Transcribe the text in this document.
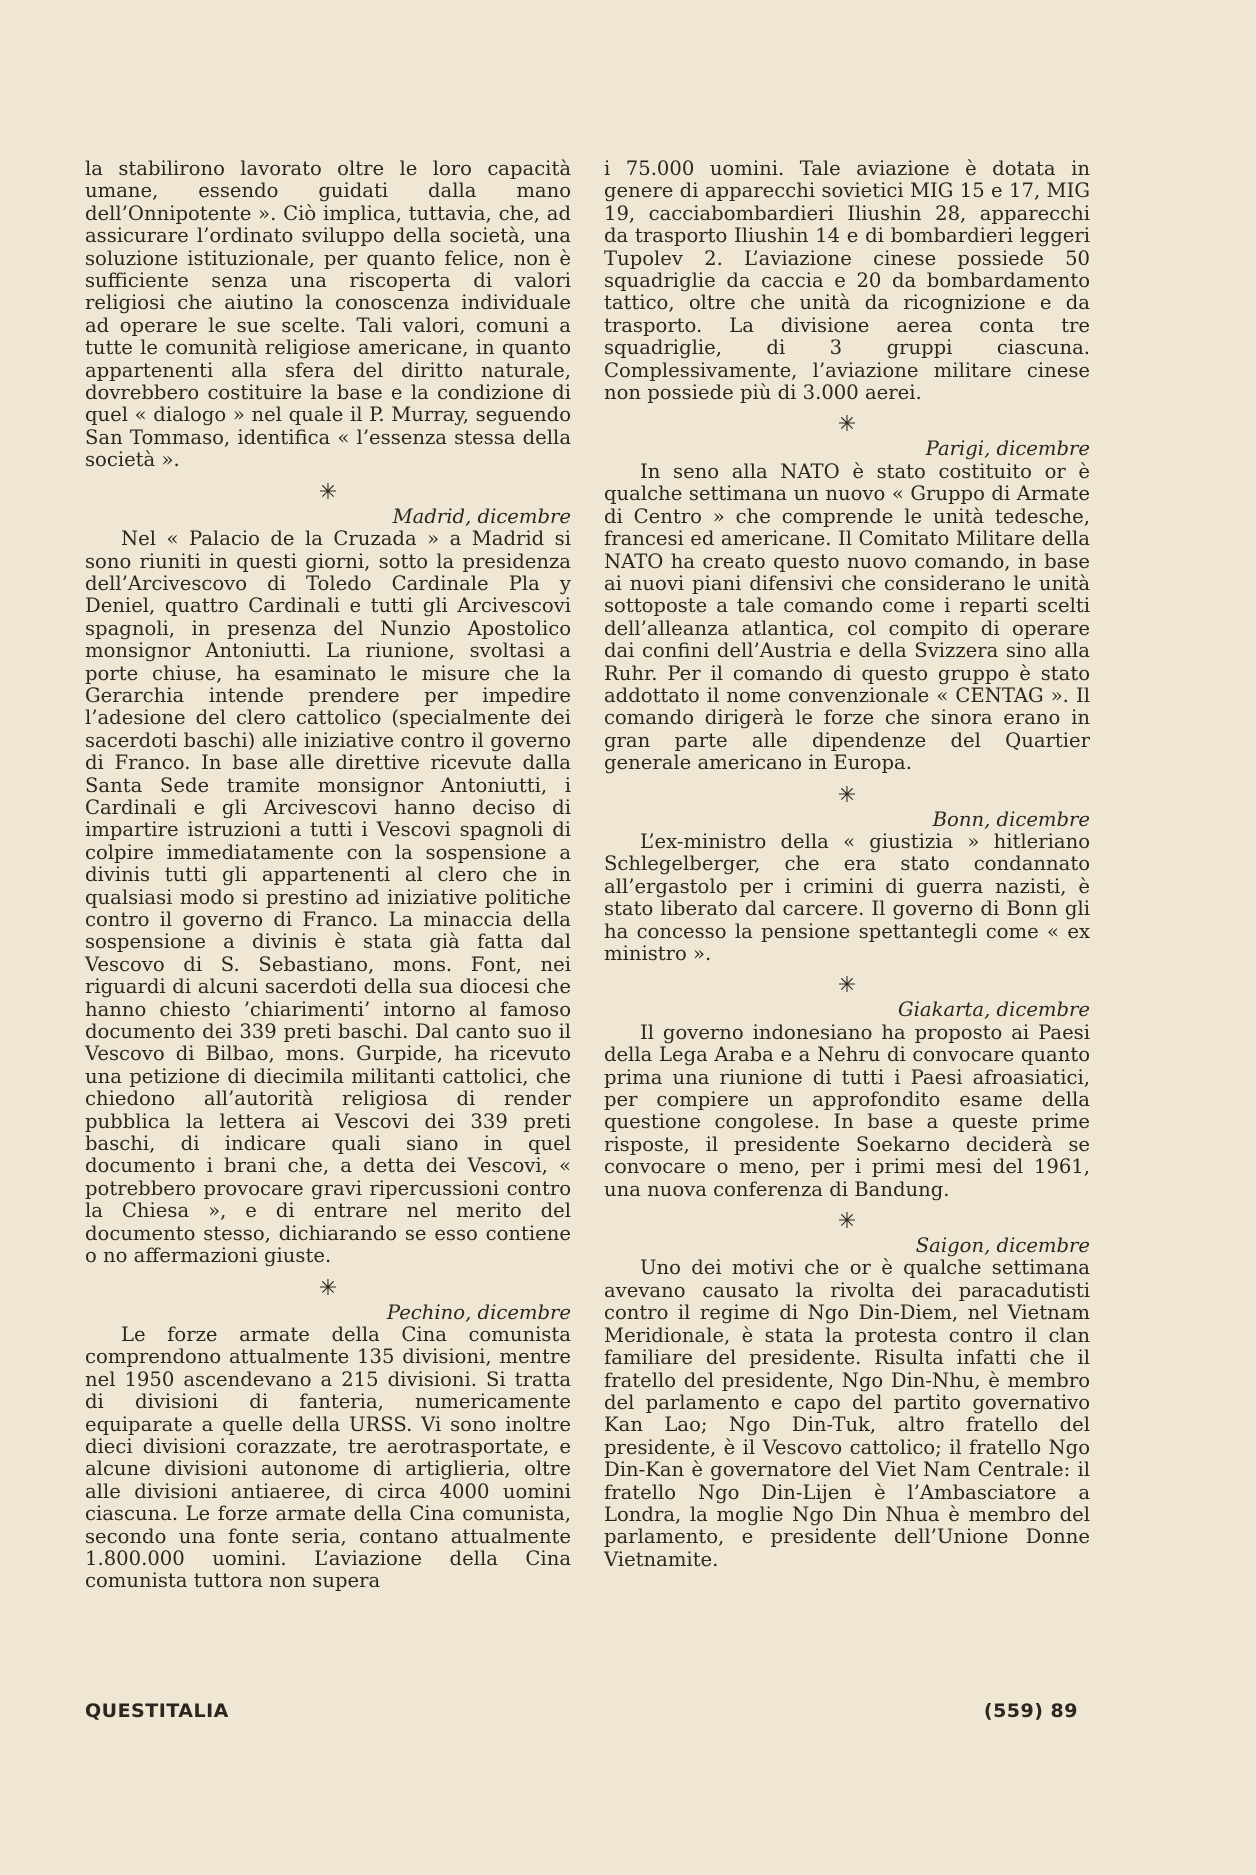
la stabilirono lavorato oltre le loro capacità umane, essendo guidati dalla mano dell’Onnipotente ». Ciò implica, tuttavia, che, ad assicurare l’ordinato sviluppo della società, una soluzione istituzionale, per quanto felice, non è sufficiente senza una riscoperta di valori religiosi che aiutino la conoscenza individuale ad operare le sue scelte. Tali valori, comuni a tutte le comunità religiose americane, in quanto appartenenti alla sfera del diritto naturale, dovrebbero costituire la base e la condizione di quel « dialogo » nel quale il P. Murray, seguendo San Tommaso, identifica « l’essenza stessa della società ».

✳

Madrid, dicembre

Nel « Palacio de la Cruzada » a Madrid si sono riuniti in questi giorni, sotto la presidenza dell’Arcivescovo di Toledo Cardinale Pla y Deniel, quattro Cardinali e tutti gli Arcivescovi spagnoli, in presenza del Nunzio Apostolico monsignor Antoniutti. La riunione, svoltasi a porte chiuse, ha esaminato le misure che la Gerarchia intende prendere per impedire l’adesione del clero cattolico (specialmente dei sacerdoti baschi) alle iniziative contro il governo di Franco. In base alle direttive ricevute dalla Santa Sede tramite monsignor Antoniutti, i Cardinali e gli Arcivescovi hanno deciso di impartire istruzioni a tutti i Vescovi spagnoli di colpire immediatamente con la sospensione a divinis tutti gli appartenenti al clero che in qualsiasi modo si prestino ad iniziative politiche contro il governo di Franco. La minaccia della sospensione a divinis è stata già fatta dal Vescovo di S. Sebastiano, mons. Font, nei riguardi di alcuni sacerdoti della sua diocesi che hanno chiesto ’chiarimenti’ intorno al famoso documento dei 339 preti baschi. Dal canto suo il Vescovo di Bilbao, mons. Gurpide, ha ricevuto una petizione di diecimila militanti cattolici, che chiedono all’autorità religiosa di render pubblica la lettera ai Vescovi dei 339 preti baschi, di indicare quali siano in quel documento i brani che, a detta dei Vescovi, « potrebbero provocare gravi ripercussioni contro la Chiesa », e di entrare nel merito del documento stesso, dichiarando se esso contiene o no affermazioni giuste.

✳

Pechino, dicembre

Le forze armate della Cina comunista comprendono attualmente 135 divisioni, mentre nel 1950 ascendevano a 215 divisioni. Si tratta di divisioni di fanteria, numericamente equiparate a quelle della URSS. Vi sono inoltre dieci divisioni corazzate, tre aerotrasportate, e alcune divisioni autonome di artiglieria, oltre alle divisioni antiaeree, di circa 4000 uomini ciascuna. Le forze armate della Cina comunista, secondo una fonte seria, contano attualmente 1.800.000 uomini. L’aviazione della Cina comunista tuttora non supera

i 75.000 uomini. Tale aviazione è dotata in genere di apparecchi sovietici MIG 15 e 17, MIG 19, cacciabombardieri Iliushin 28, apparecchi da trasporto Iliushin 14 e di bombardieri leggeri Tupolev 2. L’aviazione cinese possiede 50 squadriglie da caccia e 20 da bombardamento tattico, oltre che unità da ricognizione e da trasporto. La divisione aerea conta tre squadriglie, di 3 gruppi ciascuna. Complessivamente, l’aviazione militare cinese non possiede più di 3.000 aerei.

✳

Parigi, dicembre

In seno alla NATO è stato costituito or è qualche settimana un nuovo « Gruppo di Armate di Centro » che comprende le unità tedesche, francesi ed americane. Il Comitato Militare della NATO ha creato questo nuovo comando, in base ai nuovi piani difensivi che considerano le unità sottoposte a tale comando come i reparti scelti dell’alleanza atlantica, col compito di operare dai confini dell’Austria e della Svizzera sino alla Ruhr. Per il comando di questo gruppo è stato addottato il nome convenzionale « CENTAG ». Il comando dirigerà le forze che sinora erano in gran parte alle dipendenze del Quartier generale americano in Europa.

✳

Bonn, dicembre

L’ex-ministro della « giustizia » hitleriano Schlegelberger, che era stato condannato all’ergastolo per i crimini di guerra nazisti, è stato liberato dal carcere. Il governo di Bonn gli ha concesso la pensione spettantegli come « ex ministro ».

✳

Giakarta, dicembre

Il governo indonesiano ha proposto ai Paesi della Lega Araba e a Nehru di convocare quanto prima una riunione di tutti i Paesi afroasiatici, per compiere un approfondito esame della questione congolese. In base a queste prime risposte, il presidente Soekarno deciderà se convocare o meno, per i primi mesi del 1961, una nuova conferenza di Bandung.

✳

Saigon, dicembre

Uno dei motivi che or è qualche settimana avevano causato la rivolta dei paracadutisti contro il regime di Ngo Din-Diem, nel Vietnam Meridionale, è stata la protesta contro il clan familiare del presidente. Risulta infatti che il fratello del presidente, Ngo Din-Nhu, è membro del parlamento e capo del partito governativo Kan Lao; Ngo Din-Tuk, altro fratello del presidente, è il Vescovo cattolico; il fratello Ngo Din-Kan è governatore del Viet Nam Centrale: il fratello Ngo Din-Lijen è l’Ambasciatore a Londra, la moglie Ngo Din Nhua è membro del parlamento, e presidente dell’Unione Donne Vietnamite.

QUESTITALIA	(559) 89
